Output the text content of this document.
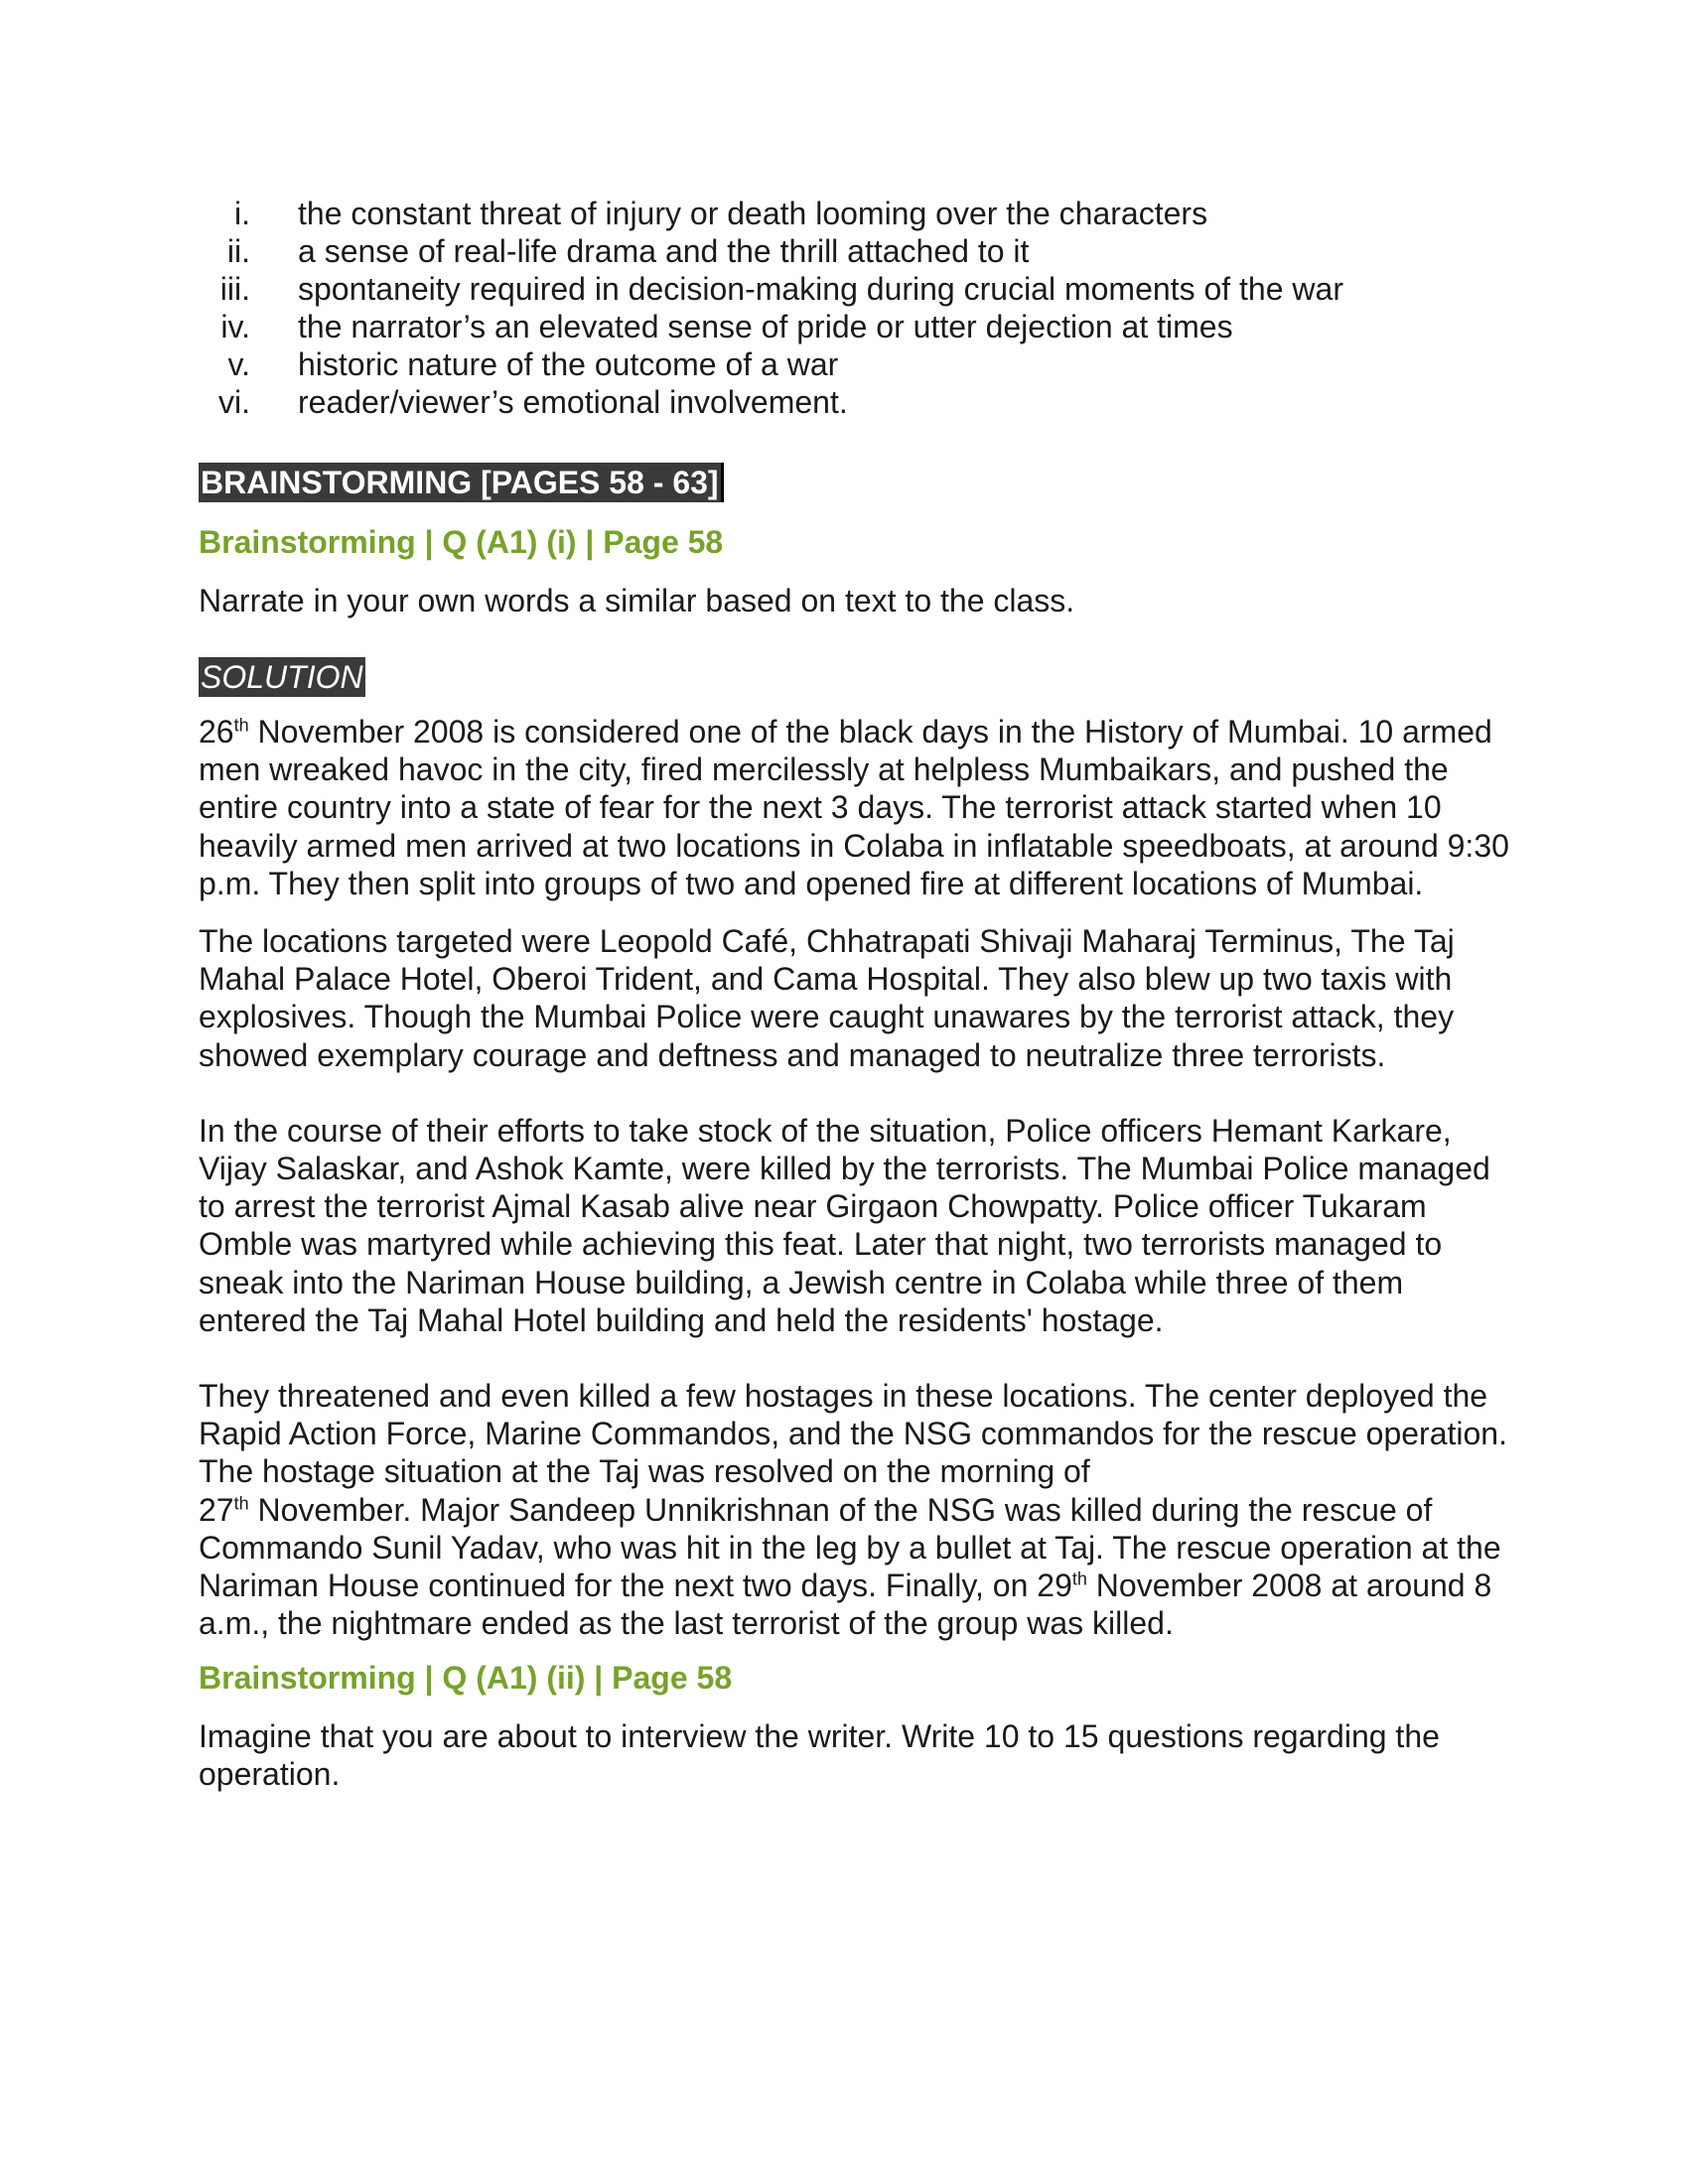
i. the constant threat of injury or death looming over the characters
ii. a sense of real-life drama and the thrill attached to it
iii. spontaneity required in decision-making during crucial moments of the war
iv. the narrator’s an elevated sense of pride or utter dejection at times
v. historic nature of the outcome of a war
vi. reader/viewer’s emotional involvement.
BRAINSTORMING [PAGES 58 - 63]
Brainstorming | Q (A1) (i) | Page 58

Narrate in your own words a similar based on text to the class.

SOLUTION

26th November 2008 is considered one of the black days in the History of Mumbai. 10 armed men wreaked havoc in the city, fired mercilessly at helpless Mumbaikars, and pushed the entire country into a state of fear for the next 3 days. The terrorist attack started when 10 heavily armed men arrived at two locations in Colaba in inflatable speedboats, at around 9:30 p.m. They then split into groups of two and opened fire at different locations of Mumbai.

The locations targeted were Leopold Café, Chhatrapati Shivaji Maharaj Terminus, The Taj Mahal Palace Hotel, Oberoi Trident, and Cama Hospital. They also blew up two taxis with explosives. Though the Mumbai Police were caught unawares by the terrorist attack, they showed exemplary courage and deftness and managed to neutralize three terrorists.

In the course of their efforts to take stock of the situation, Police officers Hemant Karkare, Vijay Salaskar, and Ashok Kamte, were killed by the terrorists. The Mumbai Police managed to arrest the terrorist Ajmal Kasab alive near Girgaon Chowpatty. Police officer Tukaram Omble was martyred while achieving this feat. Later that night, two terrorists managed to sneak into the Nariman House building, a Jewish centre in Colaba while three of them entered the Taj Mahal Hotel building and held the residents' hostage.

They threatened and even killed a few hostages in these locations. The center deployed the Rapid Action Force, Marine Commandos, and the NSG commandos for the rescue operation. The hostage situation at the Taj was resolved on the morning of
27th November. Major Sandeep Unnikrishnan of the NSG was killed during the rescue of Commando Sunil Yadav, who was hit in the leg by a bullet at Taj. The rescue operation at the Nariman House continued for the next two days. Finally, on 29th November 2008 at around 8 a.m., the nightmare ended as the last terrorist of the group was killed.

Brainstorming | Q (A1) (ii) | Page 58

Imagine that you are about to interview the writer. Write 10 to 15 questions regarding the operation.
